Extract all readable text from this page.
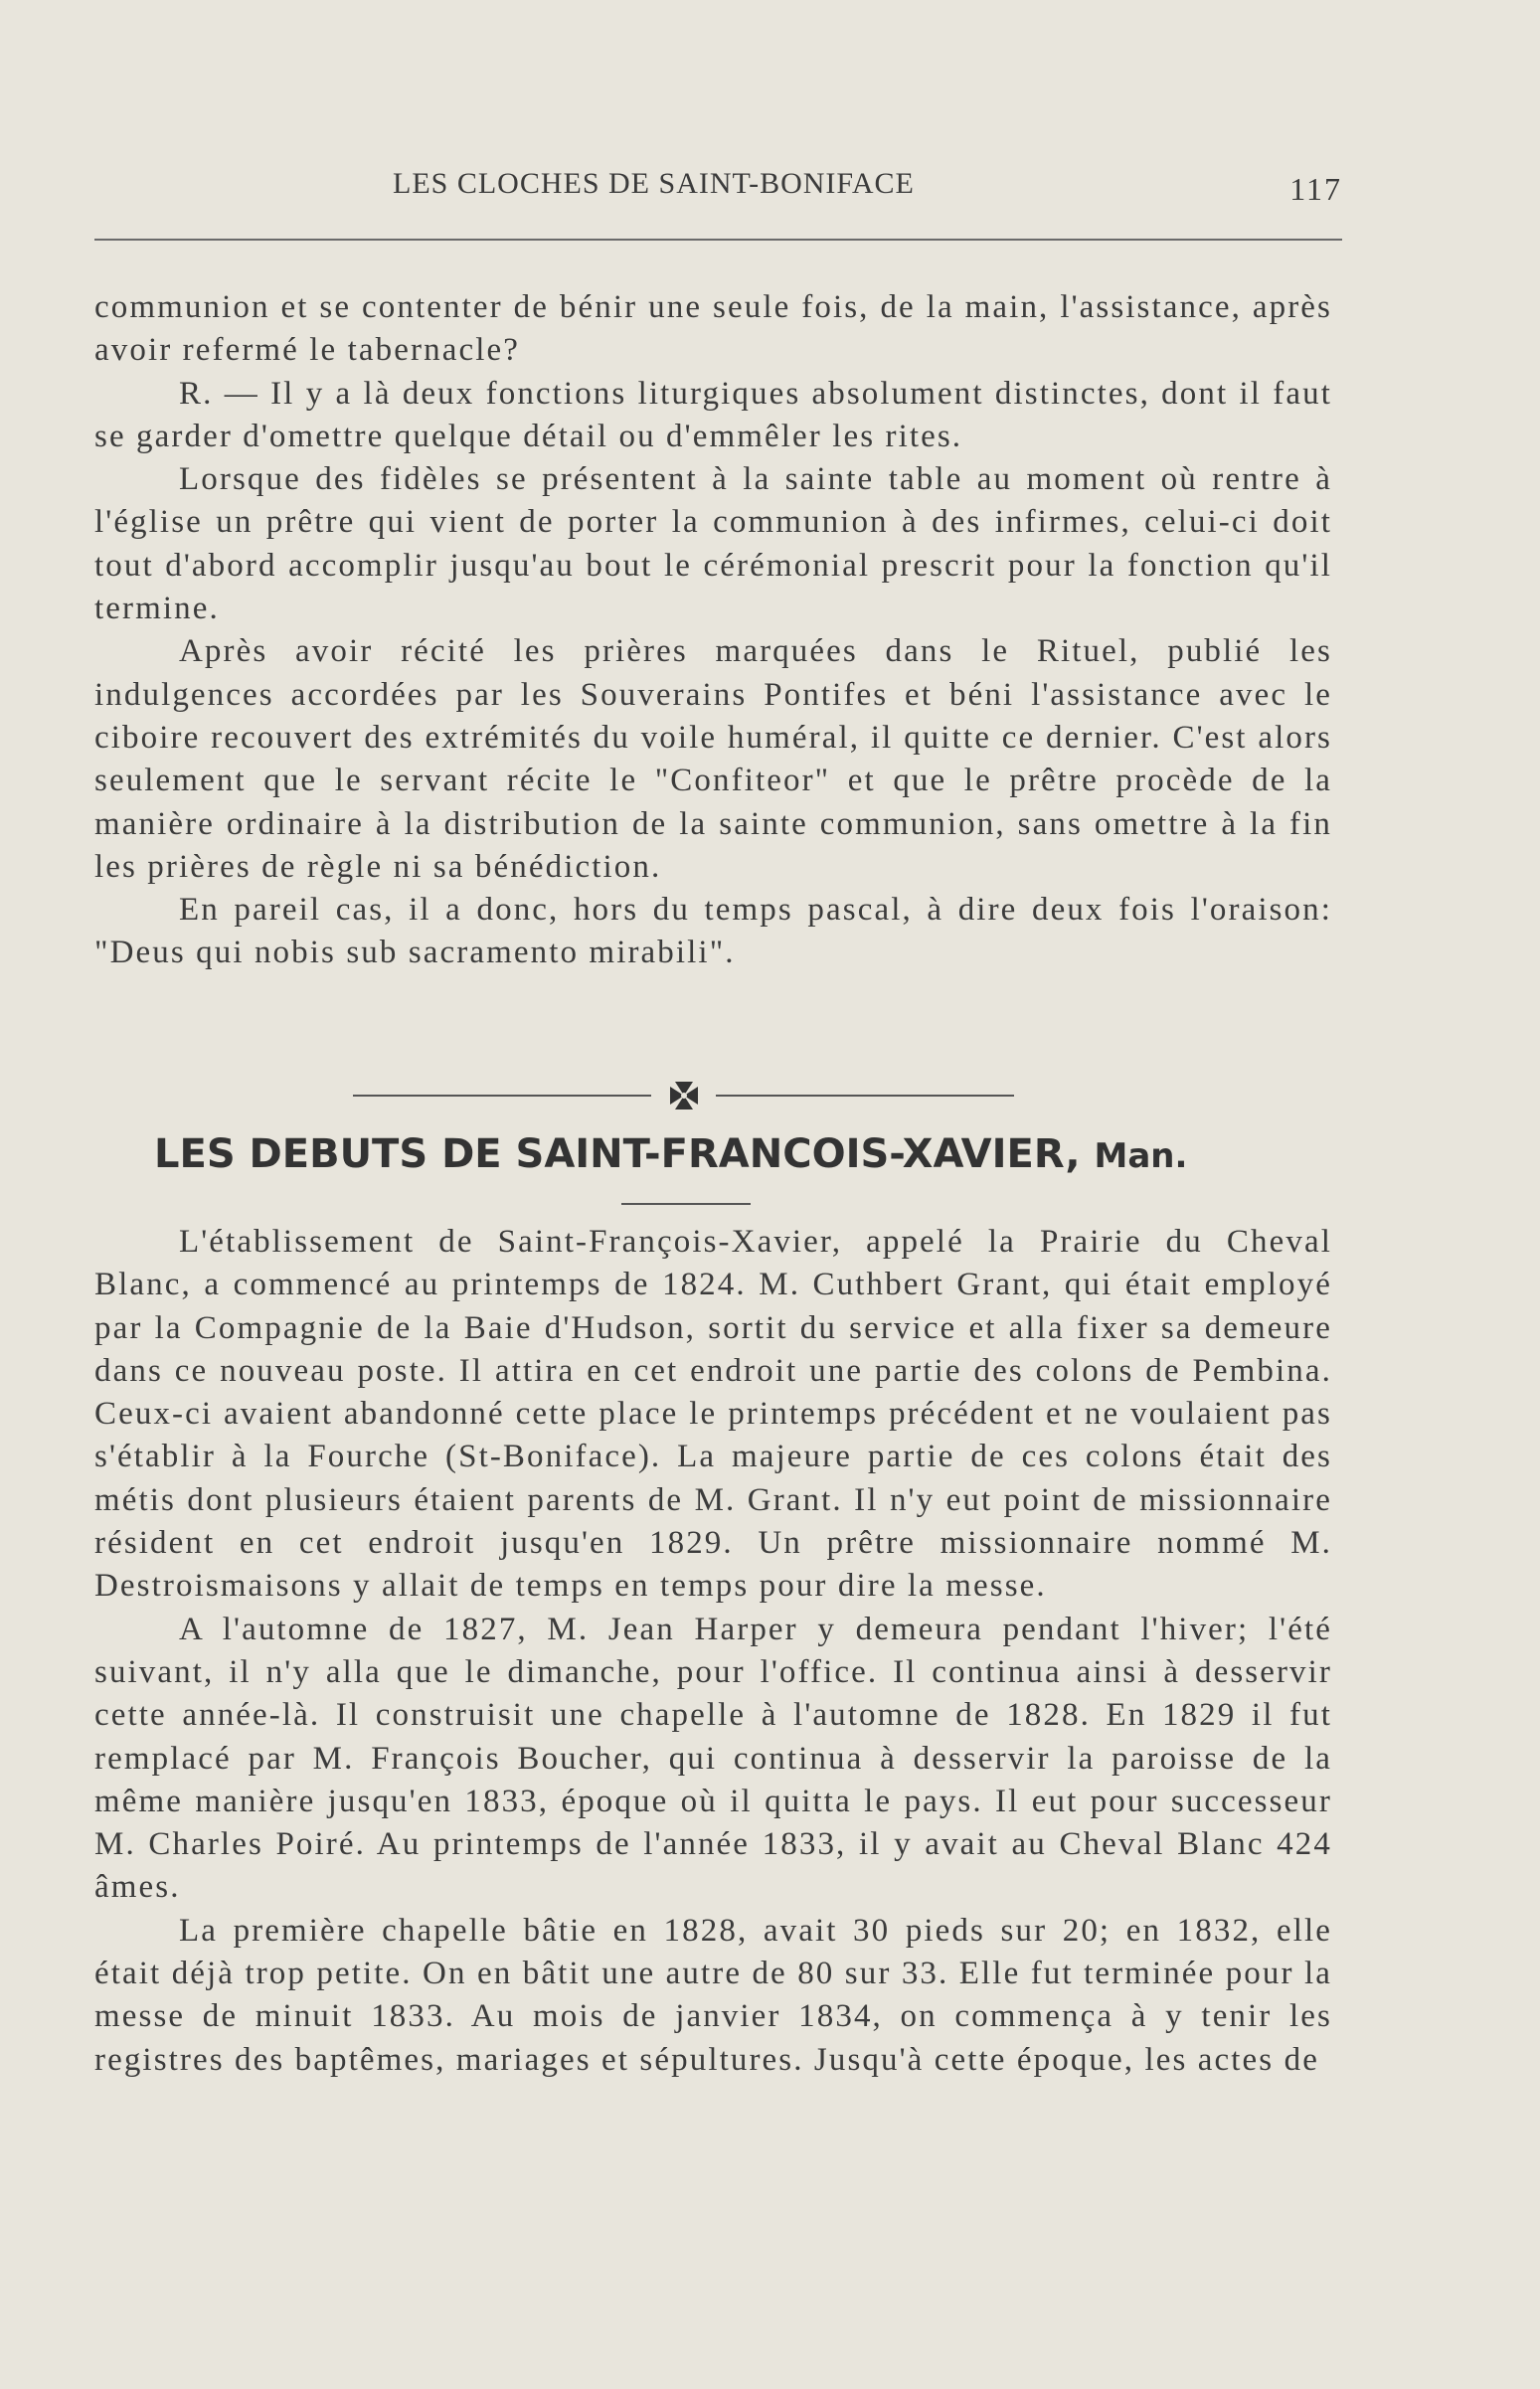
LES CLOCHES DE SAINT-BONIFACE	117

communion et se contenter de bénir une seule fois, de la main, l'assistance, après avoir refermé le tabernacle?

R. — Il y a là deux fonctions liturgiques absolument distinctes, dont il faut se garder d'omettre quelque détail ou d'emmêler les rites.

Lorsque des fidèles se présentent à la sainte table au moment où rentre à l'église un prêtre qui vient de porter la communion à des infirmes, celui-ci doit tout d'abord accomplir jusqu'au bout le cérémonial prescrit pour la fonction qu'il termine.

Après avoir récité les prières marquées dans le Rituel, publié les indulgences accordées par les Souverains Pontifes et béni l'assistance avec le ciboire recouvert des extrémités du voile huméral, il quitte ce dernier. C'est alors seulement que le servant récite le "Confiteor" et que le prêtre procède de la manière ordinaire à la distribution de la sainte communion, sans omettre à la fin les prières de règle ni sa bénédiction.

En pareil cas, il a donc, hors du temps pascal, à dire deux fois l'oraison: "Deus qui nobis sub sacramento mirabili".

LES DEBUTS DE SAINT-FRANCOIS-XAVIER, Man.

L'établissement de Saint-François-Xavier, appelé la Prairie du Cheval Blanc, a commencé au printemps de 1824. M. Cuthbert Grant, qui était employé par la Compagnie de la Baie d'Hudson, sortit du service et alla fixer sa demeure dans ce nouveau poste. Il attira en cet endroit une partie des colons de Pembina. Ceux-ci avaient abandonné cette place le printemps précédent et ne voulaient pas s'établir à la Fourche (St-Boniface). La majeure partie de ces colons était des métis dont plusieurs étaient parents de M. Grant. Il n'y eut point de missionnaire résident en cet endroit jusqu'en 1829. Un prêtre missionnaire nommé M. Destroismaisons y allait de temps en temps pour dire la messe.

A l'automne de 1827, M. Jean Harper y demeura pendant l'hiver; l'été suivant, il n'y alla que le dimanche, pour l'office. Il continua ainsi à desservir cette année-là. Il construisit une chapelle à l'automne de 1828. En 1829 il fut remplacé par M. François Boucher, qui continua à desservir la paroisse de la même manière jusqu'en 1833, époque où il quitta le pays. Il eut pour successeur M. Charles Poiré. Au printemps de l'année 1833, il y avait au Cheval Blanc 424 âmes.

La première chapelle bâtie en 1828, avait 30 pieds sur 20; en 1832, elle était déjà trop petite. On en bâtit une autre de 80 sur 33. Elle fut terminée pour la messe de minuit 1833. Au mois de janvier 1834, on commença à y tenir les registres des baptêmes, mariages et sépultures. Jusqu'à cette époque, les actes de
